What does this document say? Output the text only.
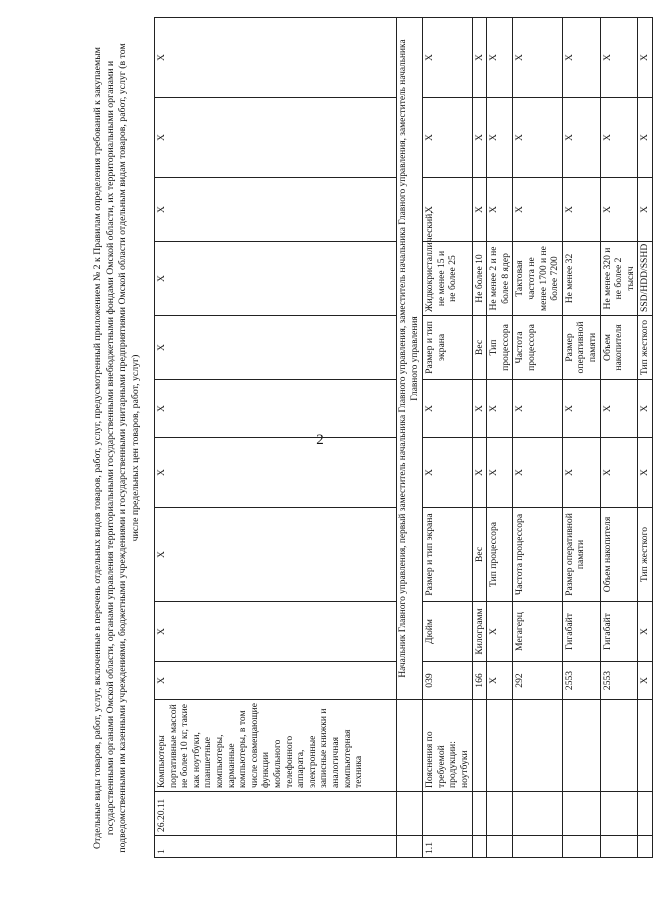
2
Отдельные виды товаров, работ, услуг, включенные в перечень отдельных видов товаров, работ, услуг, предусмотренный приложением № 2 к Правилам определения требований к закупаемым государственными органами Омской области, органами управления территориальными государственными внебюджетными фондами Омской области, их территориальными органами и подведомственными им казенными учреждениями, бюджетными учреждениями и государственными унитарными предприятиями Омской области отдельным видам товаров, работ, услуг (в том числе предельных цен товаров, работ, услуг)
1	26.20.11	Компьютеры портативные массой не более 10 кг, такие как ноутбуки, планшетные компьютеры, карманные компьютеры, в том числе совмещающие функции мобильного телефонного аппарата, электронные записные книжки и аналогичная компьютерная техника	X	X	X	X	X	X	X	X	X	X
			Начальник Главного управления, первый заместитель начальника Главного управления, заместитель начальника Главного управления, заместитель начальника Главного управления									
1.1		Пояснения по требуемой продукции: ноутбуки	039	Дюйм	Размер и тип экрана	X	X	Размер и тип экрана	Жидкокристаллический, не менее 15 и не более 25	X	X	X
			166	Килограмм	Вес	X	X	Вес	Не более 10	X	X	X
			X	X	Тип процессора	X	X	Тип процессора	Не менее 2 и не более 8 ядер	X	X	X
			292	Мегагерц	Частота процессора	X	X	Частота процессора	Тактовая частота не менее 1700 и не более 7200	X	X	X
			2553	Гигабайт	Размер оперативной памяти	X	X	Размер оперативной памяти	Не менее 32	X	X	X
			2553	Гигабайт	Объем накопителя	X	X	Объем накопителя	Не менее 320 и не более 2 тысяч	X	X	X
			X	X	Тип жесткого	X	X	Тип жесткого	SSD/HDD/SSHD	X	X	X
